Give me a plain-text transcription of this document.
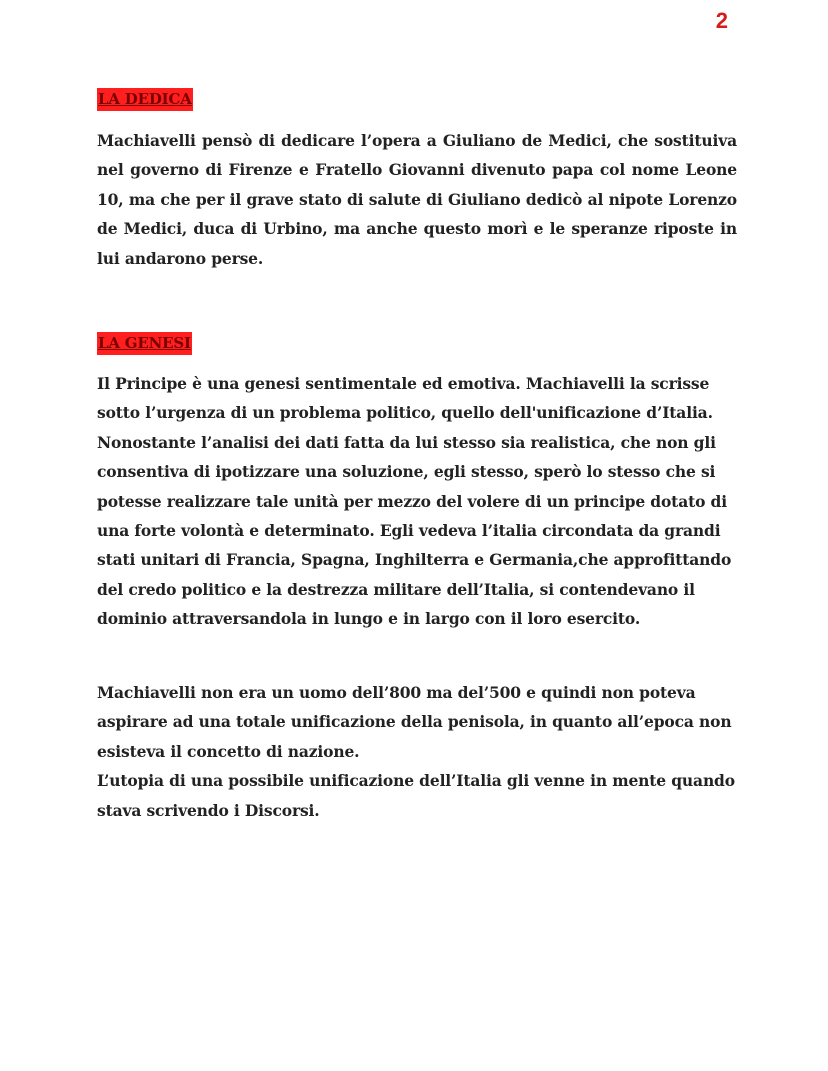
2
LA DEDICA

Machiavelli pensò di dedicare l’opera a Giuliano de Medici, che sostituiva nel governo di Firenze e Fratello Giovanni divenuto papa col nome Leone 10, ma che per il grave stato di salute di Giuliano dedicò al nipote Lorenzo de Medici, duca di Urbino, ma anche questo morì e le speranze riposte in lui andarono perse.

LA GENESI

Il Principe è una genesi sentimentale ed emotiva. Machiavelli la scrisse sotto l’urgenza di un problema politico, quello dell'unificazione d’Italia. Nonostante l’analisi dei dati fatta da lui stesso sia realistica, che non gli consentiva di ipotizzare una soluzione, egli stesso, sperò lo stesso che si potesse realizzare tale unità per mezzo del volere di un principe dotato di una forte volontà e determinato. Egli vedeva l’italia circondata da grandi stati unitari di Francia, Spagna, Inghilterra e Germania,che approfittando del credo politico e la destrezza militare dell’Italia, si contendevano il dominio attraversandola in lungo e in largo con il loro esercito.

Machiavelli non era un uomo dell’800 ma del’500 e quindi non poteva aspirare ad una totale unificazione della penisola, in quanto all’epoca non esisteva il concetto di nazione.
L’utopia di una possibile unificazione dell’Italia gli venne in mente quando stava scrivendo i Discorsi.
